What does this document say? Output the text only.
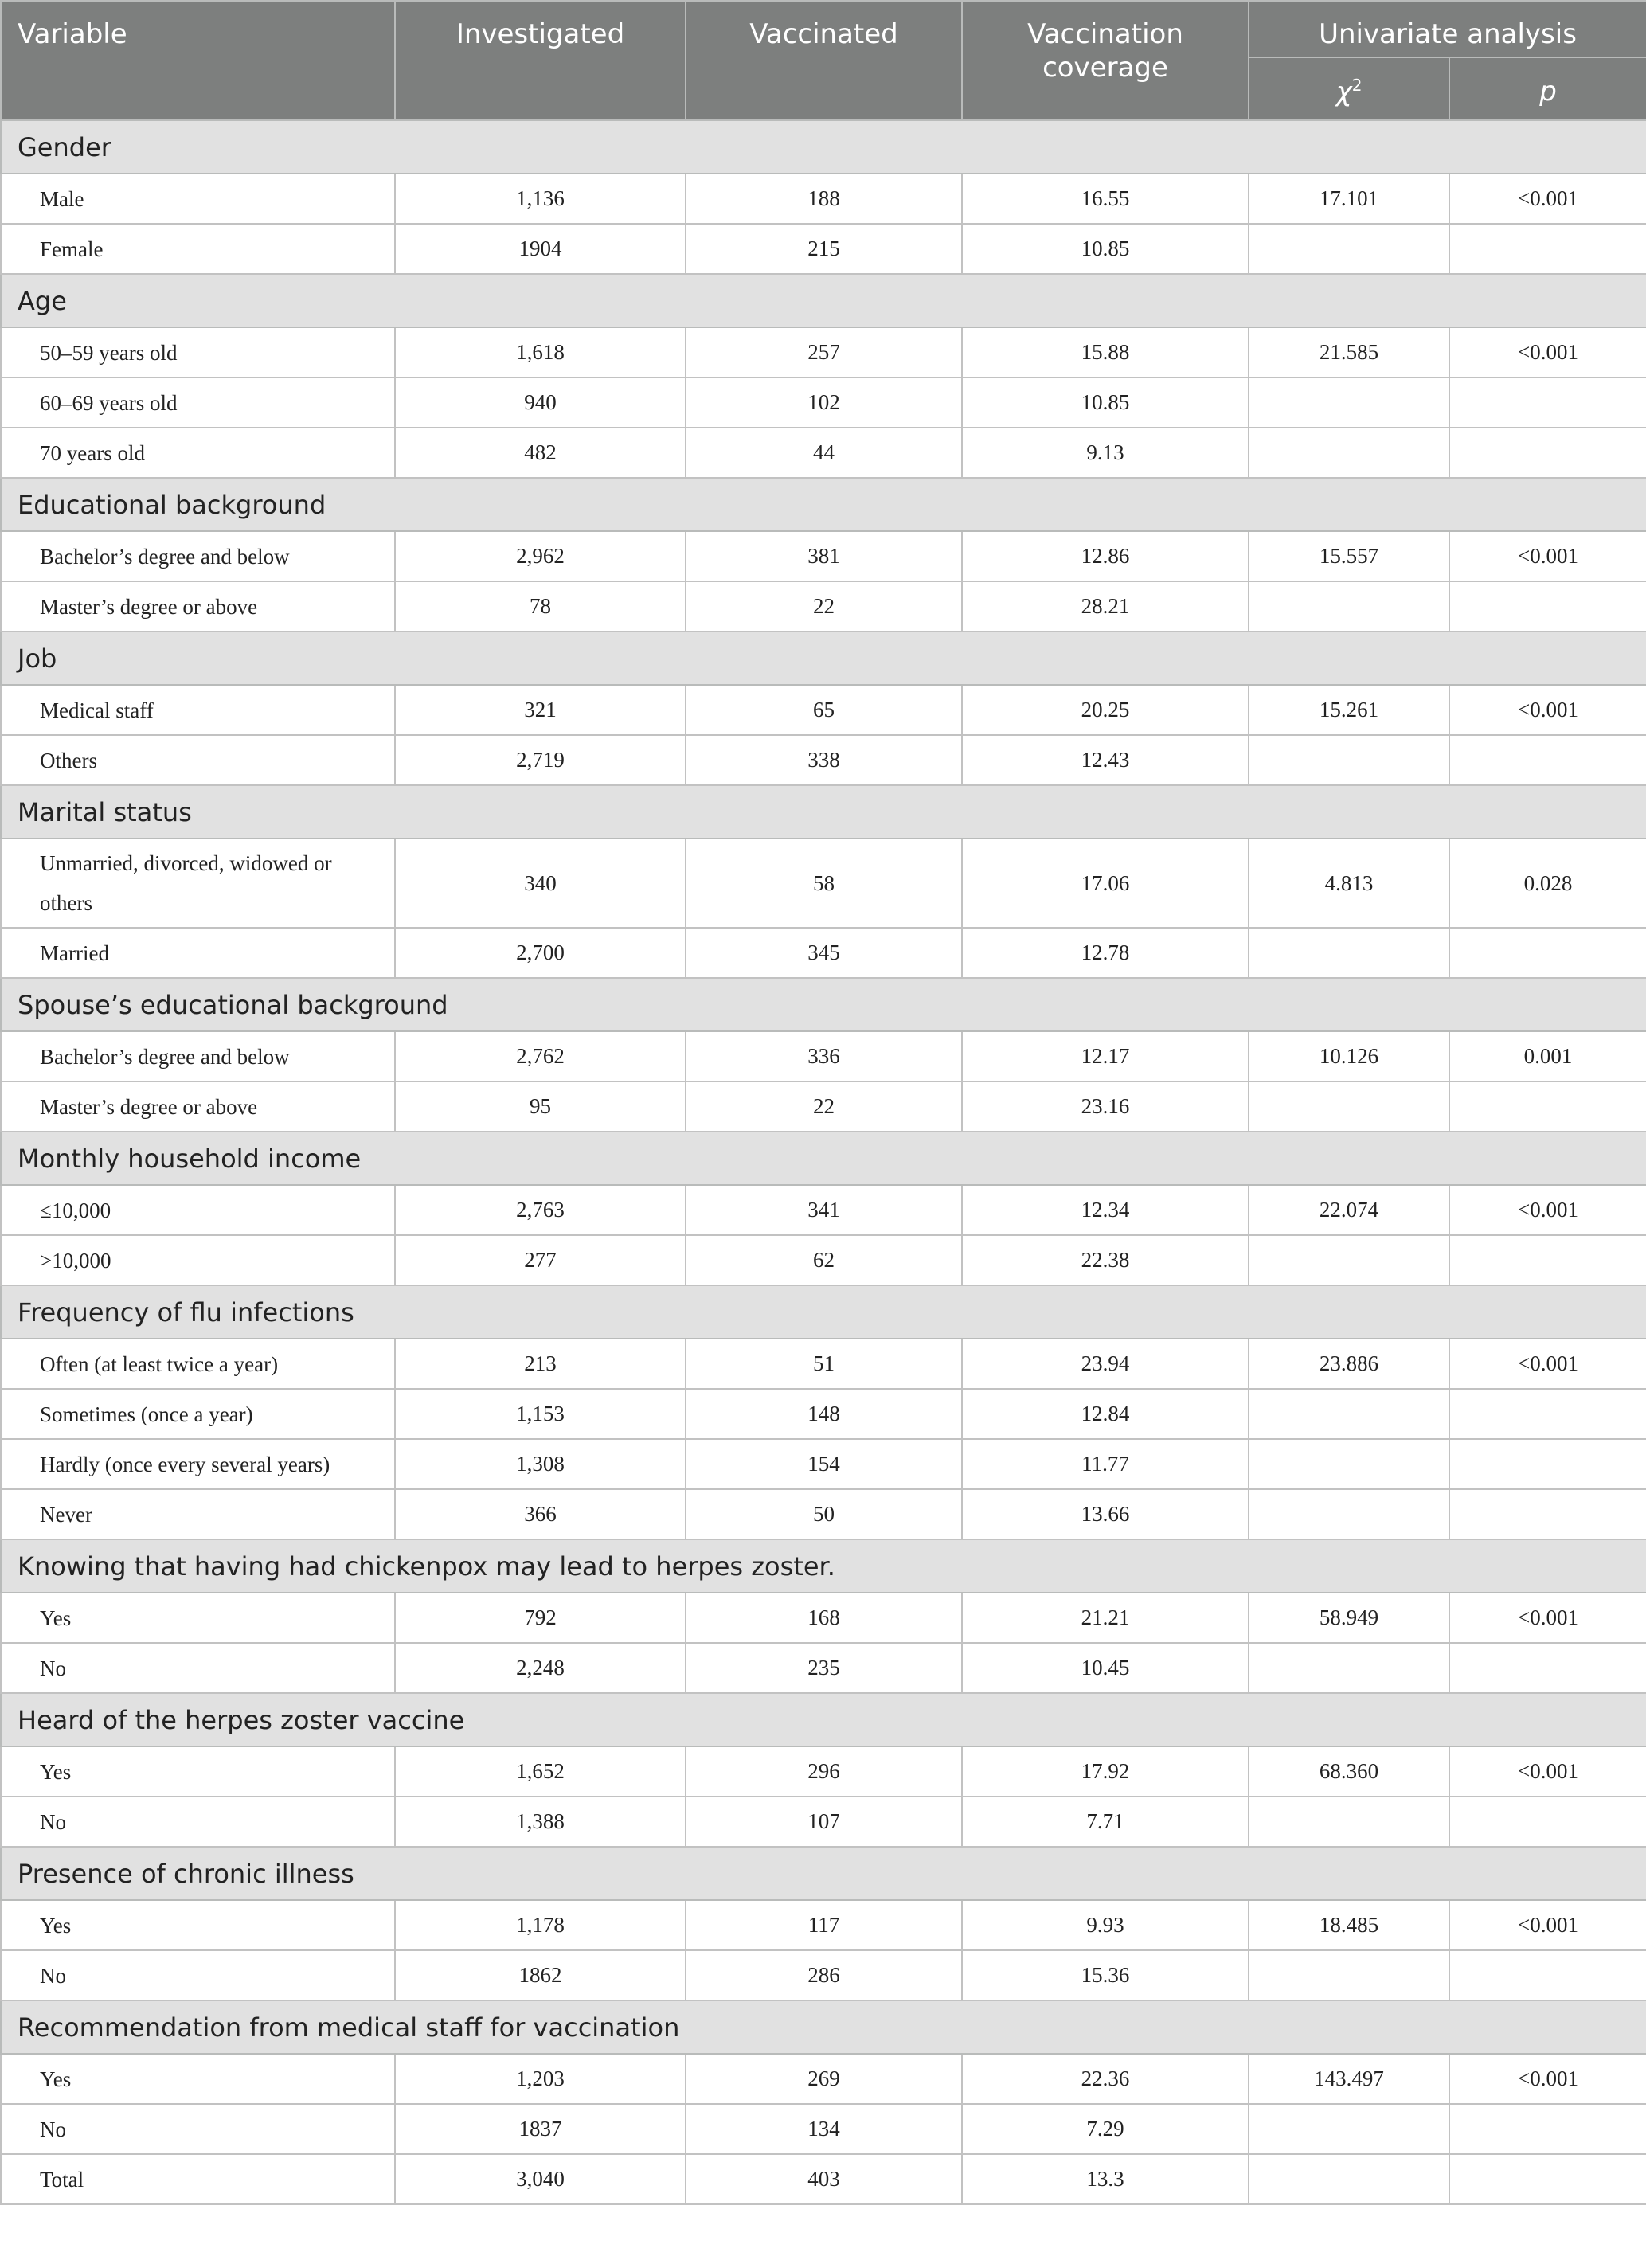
Variable	Investigated	Vaccinated	Vaccination coverage	Univariate analysis	
				$\chi^2$	p
Gender					
Male	1,136	188	16.55	17.101	<0.001
Female	1904	215	10.85		
Age					
50–59 years old	1,618	257	15.88	21.585	<0.001
60–69 years old	940	102	10.85		
70 years old	482	44	9.13		
Educational background					
Bachelor’s degree and below	2,962	381	12.86	15.557	<0.001
Master’s degree or above	78	22	28.21		
Job					
Medical staff	321	65	20.25	15.261	<0.001
Others	2,719	338	12.43		
Marital status					
Unmarried, divorced, widowed or others	340	58	17.06	4.813	0.028
Married	2,700	345	12.78		
Spouse’s educational background					
Bachelor’s degree and below	2,762	336	12.17	10.126	0.001
Master’s degree or above	95	22	23.16		
Monthly household income					
≤10,000	2,763	341	12.34	22.074	<0.001
>10,000	277	62	22.38		
Frequency of flu infections					
Often (at least twice a year)	213	51	23.94	23.886	<0.001
Sometimes (once a year)	1,153	148	12.84		
Hardly (once every several years)	1,308	154	11.77		
Never	366	50	13.66		
Knowing that having had chickenpox may lead to herpes zoster.					
Yes	792	168	21.21	58.949	<0.001
No	2,248	235	10.45		
Heard of the herpes zoster vaccine					
Yes	1,652	296	17.92	68.360	<0.001
No	1,388	107	7.71		
Presence of chronic illness					
Yes	1,178	117	9.93	18.485	<0.001
No	1862	286	15.36		
Recommendation from medical staff for vaccination					
Yes	1,203	269	22.36	143.497	<0.001
No	1837	134	7.29		
Total	3,040	403	13.3		
